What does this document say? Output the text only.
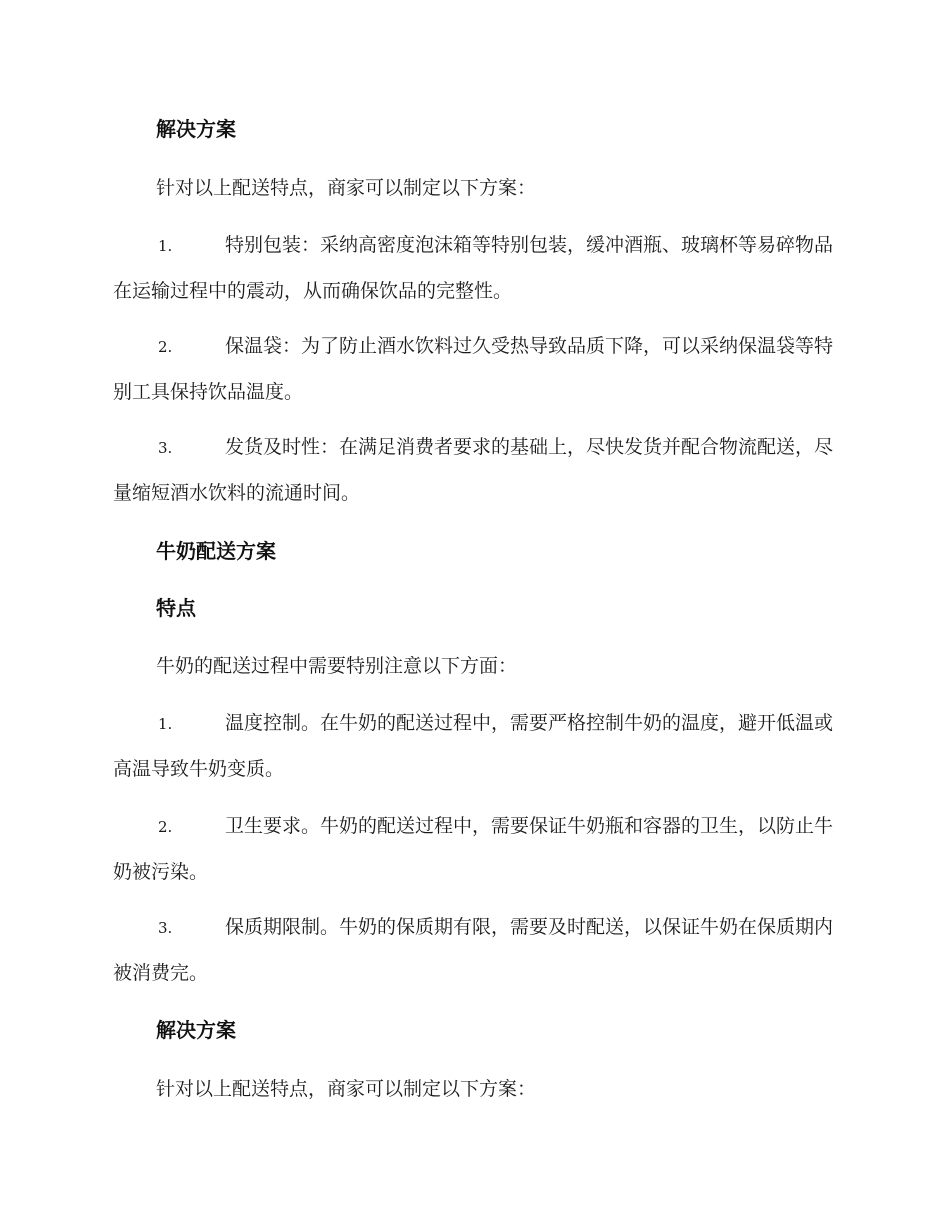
解决方案
针对以上配送特点，商家可以制定以下方案：
1.	特别包装：采纳高密度泡沫箱等特别包装，缓冲酒瓶、玻璃杯等易碎物品在运输过程中的震动，从而确保饮品的完整性。
2.	保温袋：为了防止酒水饮料过久受热导致品质下降，可以采纳保温袋等特别工具保持饮品温度。
3.	发货及时性：在满足消费者要求的基础上，尽快发货并配合物流配送，尽量缩短酒水饮料的流通时间。
牛奶配送方案
特点
牛奶的配送过程中需要特别注意以下方面：
1.	温度控制。在牛奶的配送过程中，需要严格控制牛奶的温度，避开低温或高温导致牛奶变质。
2.	卫生要求。牛奶的配送过程中，需要保证牛奶瓶和容器的卫生，以防止牛奶被污染。
3.	保质期限制。牛奶的保质期有限，需要及时配送，以保证牛奶在保质期内被消费完。
解决方案
针对以上配送特点，商家可以制定以下方案：
